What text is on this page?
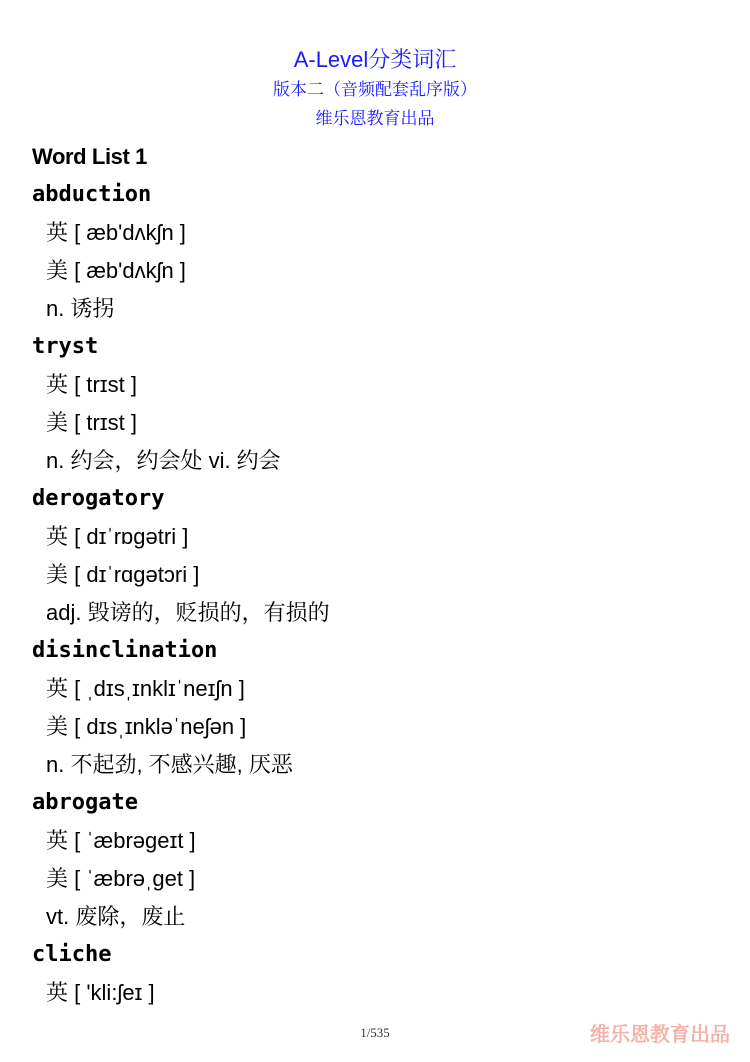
A-Level分类词汇
版本二（音频配套乱序版）
维乐恩教育出品
Word List 1
abduction
英 [ æb'dʌkʃn ]
美 [ æb'dʌkʃn ]
n. 诱拐
tryst
英 [ trɪst ]
美 [ trɪst ]
n. 约会，约会处 vi. 约会
derogatory
英 [ dɪˈrɒgətri ]
美 [ dɪˈrɑgətɔri ]
adj. 毁谤的，贬损的，有损的
disinclination
英 [ ˌdɪsˌɪnklɪˈneɪʃn ]
美 [ dɪsˌɪnkləˈneʃən ]
n. 不起劲, 不感兴趣, 厌恶
abrogate
英 [ ˈæbrəgeɪt ]
美 [ ˈæbrəˌget ]
vt. 废除，废止
cliche
英 [ 'kli:ʃeɪ ]
1/535	维乐恩教育出品
